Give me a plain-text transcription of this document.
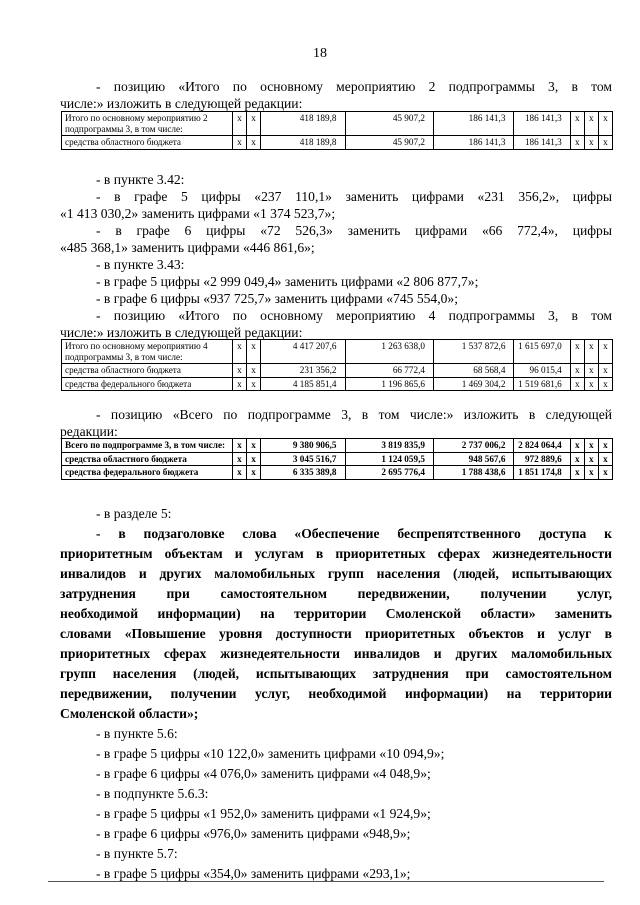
18
- позицию «Итого по основному мероприятию 2 подпрограммы 3, в том
числе:» изложить в следующей редакции:
Итого по основному мероприятию 2 подпрограммы 3, в том числе:	х	х	418 189,8	45 907,2	186 141,3	186 141,3	х	х	х
средства областного бюджета	х	х	418 189,8	45 907,2	186 141,3	186 141,3	х	х	х
- в пункте 3.42:
- в графе 5 цифры «237 110,1» заменить цифрами «231 356,2», цифры
«1 413 030,2» заменить цифрами «1 374 523,7»;
- в графе 6 цифры «72 526,3» заменить цифрами «66 772,4», цифры
«485 368,1» заменить цифрами «446 861,6»;
- в пункте 3.43:
- в графе 5 цифры «2 999 049,4» заменить цифрами «2 806 877,7»;
- в графе 6 цифры «937 725,7» заменить цифрами «745 554,0»;
- позицию «Итого по основному мероприятию 4 подпрограммы 3, в том
числе:» изложить в следующей редакции:
Итого по основному мероприятию 4 подпрограммы 3, в том числе:	х	х	4 417 207,6	1 263 638,0	1 537 872,6	1 615 697,0	х	х	х
средства областного бюджета	х	х	231 356,2	66 772,4	68 568,4	96 015,4	х	х	х
средства федерального бюджета	х	х	4 185 851,4	1 196 865,6	1 469 304,2	1 519 681,6	х	х	х
- позицию «Всего по подпрограмме 3, в том числе:» изложить в следующей
редакции:
Всего по подпрограмме 3, в том числе:	х	х	9 380 906,5	3 819 835,9	2 737 006,2	2 824 064,4	х	х	х
средства областного бюджета	х	х	3 045 516,7	1 124 059,5	948 567,6	972 889,6	х	х	х
средства федерального бюджета	х	х	6 335 389,8	2 695 776,4	1 788 438,6	1 851 174,8	х	х	х
- в разделе 5:
- в подзаголовке слова «Обеспечение беспрепятственного доступа к
приоритетным объектам и услугам в приоритетных сферах жизнедеятельности
инвалидов и других маломобильных групп населения (людей, испытывающих
затруднения при самостоятельном передвижении, получении услуг,
необходимой информации) на территории Смоленской области» заменить
словами «Повышение уровня доступности приоритетных объектов и услуг в
приоритетных сферах жизнедеятельности инвалидов и других маломобильных
групп населения (людей, испытывающих затруднения при самостоятельном
передвижении, получении услуг, необходимой информации) на территории
Смоленской области»;
- в пункте 5.6:
- в графе 5 цифры «10 122,0» заменить цифрами «10 094,9»;
- в графе 6 цифры «4 076,0» заменить цифрами «4 048,9»;
- в подпункте 5.6.3:
- в графе 5 цифры «1 952,0» заменить цифрами «1 924,9»;
- в графе 6 цифры «976,0» заменить цифрами «948,9»;
- в пункте 5.7:
- в графе 5 цифры «354,0» заменить цифрами «293,1»;
